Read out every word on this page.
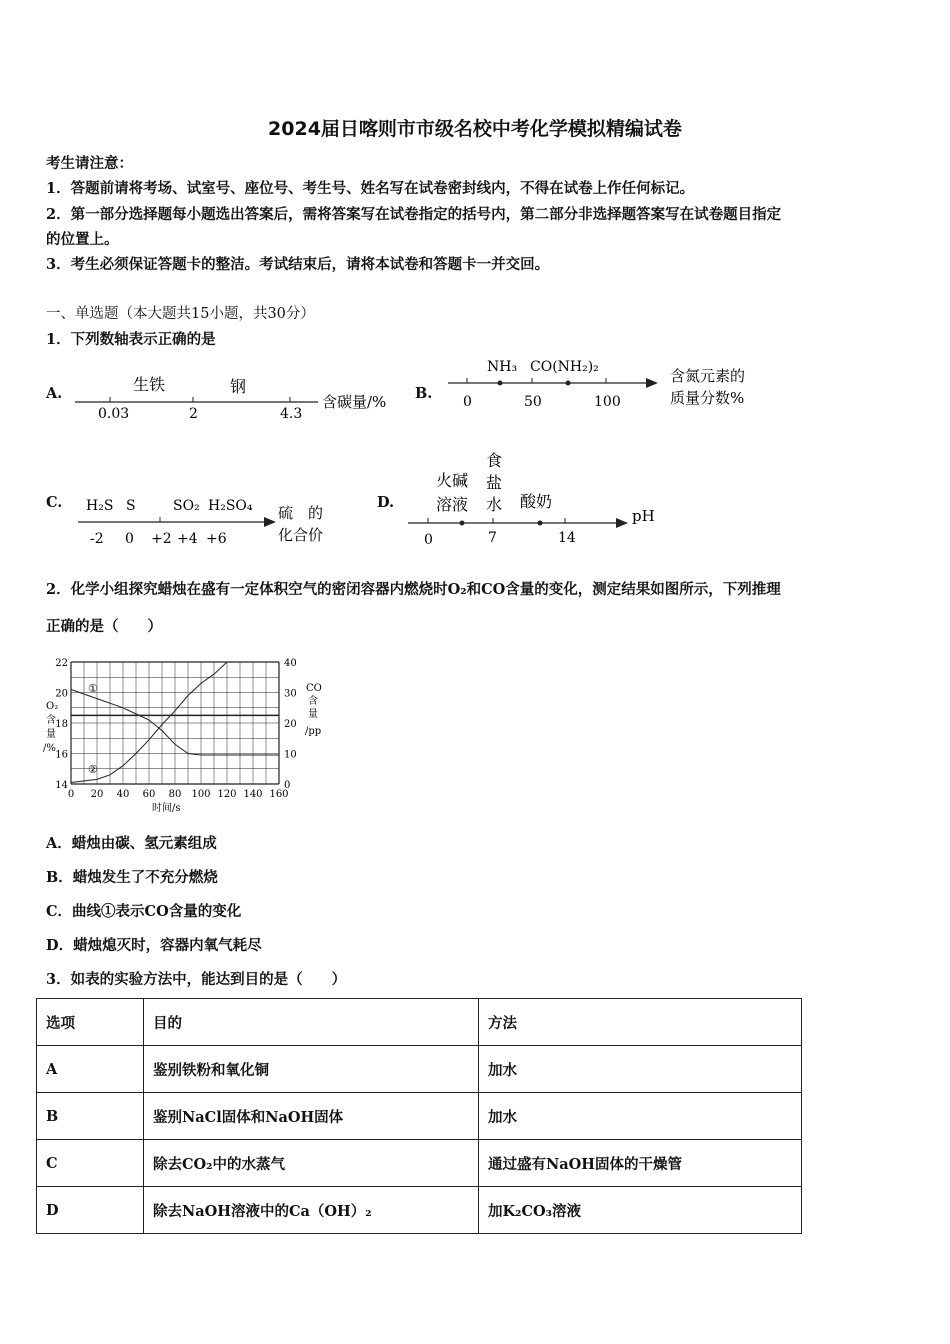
2024届日喀则市市级名校中考化学模拟精编试卷
考生请注意：
1．答题前请将考场、试室号、座位号、考生号、姓名写在试卷密封线内，不得在试卷上作任何标记。
2．第一部分选择题每小题选出答案后，需将答案写在试卷指定的括号内，第二部分非选择题答案写在试卷题目指定
的位置上。
3．考生必须保证答题卡的整洁。考试结束后，请将本试卷和答题卡一并交回。
一、单选题（本大题共15小题，共30分）
1．下列数轴表示正确的是
A.	生铁	钢
0.03	2	4.3
含碳量/% B.
NH₃ CO(NH₂)₂
0	50	100
含氮元素的
质量分数%
C. H₂S S	SO₂ H₂SO₄
-2 0 +2 +4 +6
硫　的
化合价
D.
火碱
溶液
食
盐
水 酸奶
0	7	14
pH
2．化学小组探究蜡烛在盛有一定体积空气的密闭容器内燃烧时O₂和CO含量的变化，测定结果如图所示，下列推理
正确的是（　　）
0 20 40 60 80 100 120 140 160
14
16
18
20
22
0
10
20
30
40
①
②
时间/s
O₂
含
量
/%
CO
含
量
/pp
A．蜡烛由碳、氢元素组成
B．蜡烛发生了不充分燃烧
C．曲线①表示CO含量的变化
D．蜡烛熄灭时，容器内氧气耗尽
3．如表的实验方法中，能达到目的是（　　）
选项	目的	方法
A	鉴别铁粉和氧化铜	加水
B	鉴别NaCl固体和NaOH固体	加水
C	除去CO₂中的水蒸气	通过盛有NaOH固体的干燥管
D	除去NaOH溶液中的Ca（OH）₂	加K₂CO₃溶液
